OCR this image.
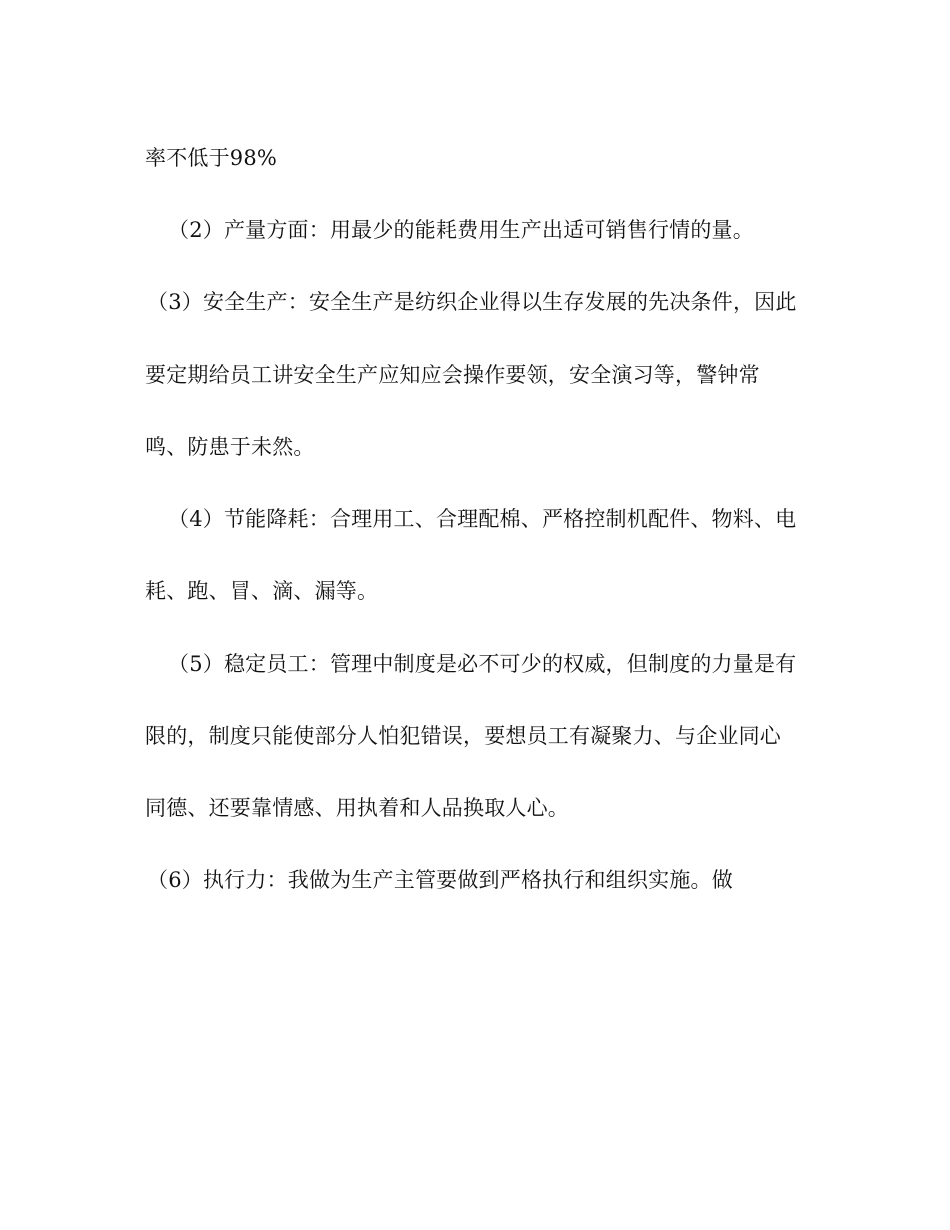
率不低于98%
（2）产量方面：用最少的能耗费用生产出适可销售行情的量。
（3）安全生产：安全生产是纺织企业得以生存发展的先决条件，因此
要定期给员工讲安全生产应知应会操作要领，安全演习等，警钟常
鸣、防患于未然。
（4）节能降耗：合理用工、合理配棉、严格控制机配件、物料、电
耗、跑、冒、滴、漏等。
（5）稳定员工：管理中制度是必不可少的权威，但制度的力量是有
限的，制度只能使部分人怕犯错误，要想员工有凝聚力、与企业同心
同德、还要靠情感、用执着和人品换取人心。
（6）执行力：我做为生产主管要做到严格执行和组织实施。做
